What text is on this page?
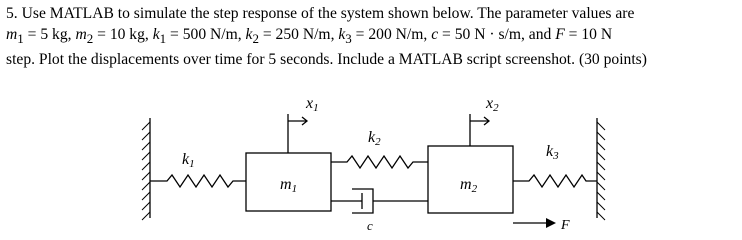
5. Use MATLAB to simulate the step response of the system shown below. The parameter values are

$m_1 = 5$ kg, $m_2 = 10$ kg, $k_1 = 500$ N/m, $k_2 = 250$ N/m, $k_3 = 200$ N/m, c = 50 N · s/m, and F = 10 N

step. Plot the displacements over time for 5 seconds. Include a MATLAB script screenshot. (30 points)

k1
m1
x1
k2
c
m2
x2
k3
F
